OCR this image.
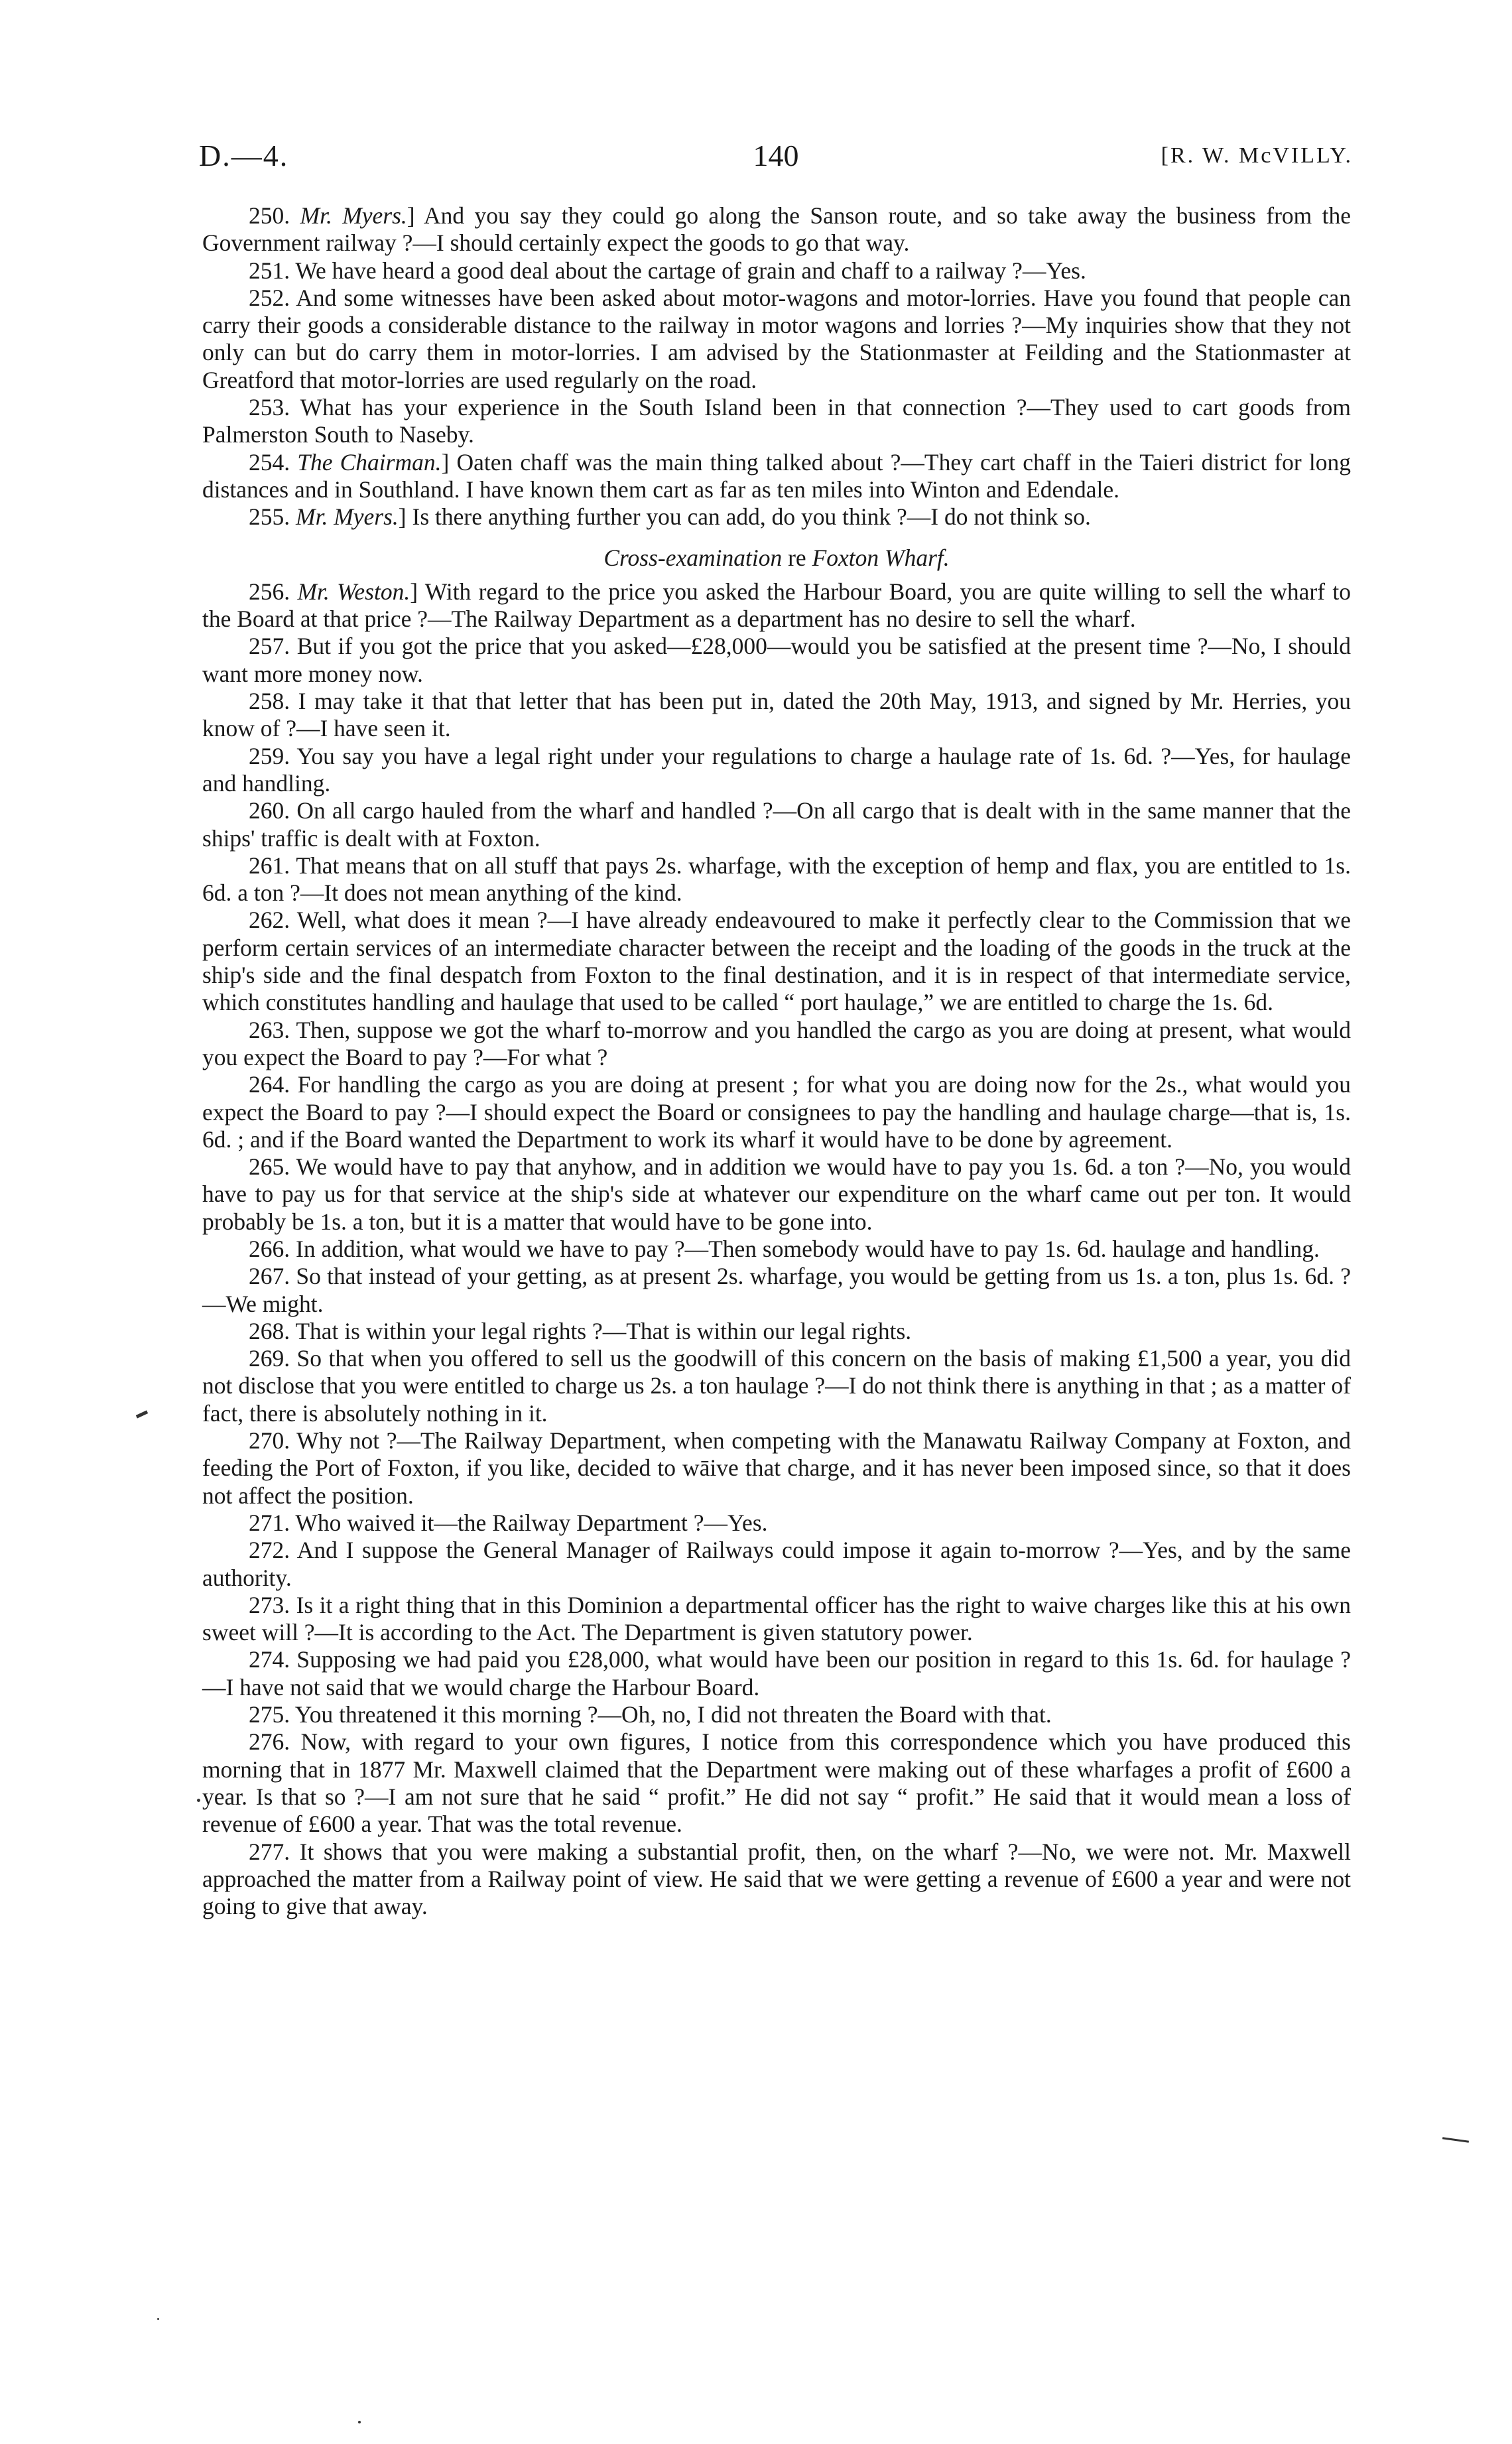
D.—4.	140	[R. W. McVILLY.

250. Mr. Myers.] And you say they could go along the Sanson route, and so take away the business from the Government railway ?—I should certainly expect the goods to go that way.

251. We have heard a good deal about the cartage of grain and chaff to a railway ?—Yes.

252. And some witnesses have been asked about motor-wagons and motor-lorries. Have you found that people can carry their goods a considerable distance to the railway in motor wagons and lorries ?—My inquiries show that they not only can but do carry them in motor-lorries. I am advised by the Stationmaster at Feilding and the Stationmaster at Greatford that motor-lorries are used regularly on the road.

253. What has your experience in the South Island been in that connection ?—They used to cart goods from Palmerston South to Naseby.

254. The Chairman.] Oaten chaff was the main thing talked about ?—They cart chaff in the Taieri district for long distances and in Southland. I have known them cart as far as ten miles into Winton and Edendale.

255. Mr. Myers.] Is there anything further you can add, do you think ?—I do not think so.

Cross-examination re Foxton Wharf.

256. Mr. Weston.] With regard to the price you asked the Harbour Board, you are quite willing to sell the wharf to the Board at that price ?—The Railway Department as a department has no desire to sell the wharf.

257. But if you got the price that you asked—£28,000—would you be satisfied at the present time ?—No, I should want more money now.

258. I may take it that that letter that has been put in, dated the 20th May, 1913, and signed by Mr. Herries, you know of ?—I have seen it.

259. You say you have a legal right under your regulations to charge a haulage rate of 1s. 6d. ?—Yes, for haulage and handling.

260. On all cargo hauled from the wharf and handled ?—On all cargo that is dealt with in the same manner that the ships' traffic is dealt with at Foxton.

261. That means that on all stuff that pays 2s. wharfage, with the exception of hemp and flax, you are entitled to 1s. 6d. a ton ?—It does not mean anything of the kind.

262. Well, what does it mean ?—I have already endeavoured to make it perfectly clear to the Commission that we perform certain services of an intermediate character between the receipt and the loading of the goods in the truck at the ship's side and the final despatch from Foxton to the final destination, and it is in respect of that intermediate service, which constitutes handling and haulage that used to be called “ port haulage,” we are entitled to charge the 1s. 6d.

263. Then, suppose we got the wharf to-morrow and you handled the cargo as you are doing at present, what would you expect the Board to pay ?—For what ?

264. For handling the cargo as you are doing at present ; for what you are doing now for the 2s., what would you expect the Board to pay ?—I should expect the Board or consignees to pay the handling and haulage charge—that is, 1s. 6d. ; and if the Board wanted the Department to work its wharf it would have to be done by agreement.

265. We would have to pay that anyhow, and in addition we would have to pay you 1s. 6d. a ton ?—No, you would have to pay us for that service at the ship's side at whatever our expenditure on the wharf came out per ton. It would probably be 1s. a ton, but it is a matter that would have to be gone into.

266. In addition, what would we have to pay ?—Then somebody would have to pay 1s. 6d. haulage and handling.

267. So that instead of your getting, as at present 2s. wharfage, you would be getting from us 1s. a ton, plus 1s. 6d. ?—We might.

268. That is within your legal rights ?—That is within our legal rights.

269. So that when you offered to sell us the goodwill of this concern on the basis of making £1,500 a year, you did not disclose that you were entitled to charge us 2s. a ton haulage ?—I do not think there is anything in that ; as a matter of fact, there is absolutely nothing in it.

270. Why not ?—The Railway Department, when competing with the Manawatu Railway Company at Foxton, and feeding the Port of Foxton, if you like, decided to wāive that charge, and it has never been imposed since, so that it does not affect the position.

271. Who waived it—the Railway Department ?—Yes.

272. And I suppose the General Manager of Railways could impose it again to-morrow ?—Yes, and by the same authority.

273. Is it a right thing that in this Dominion a departmental officer has the right to waive charges like this at his own sweet will ?—It is according to the Act. The Department is given statutory power.

274. Supposing we had paid you £28,000, what would have been our position in regard to this 1s. 6d. for haulage ?—I have not said that we would charge the Harbour Board.

275. You threatened it this morning ?—Oh, no, I did not threaten the Board with that.

276. Now, with regard to your own figures, I notice from this correspondence which you have produced this morning that in 1877 Mr. Maxwell claimed that the Department were making out of these wharfages a profit of £600 a year. Is that so ?—I am not sure that he said “ profit.” He did not say “ profit.” He said that it would mean a loss of revenue of £600 a year. That was the total revenue.

277. It shows that you were making a substantial profit, then, on the wharf ?—No, we were not. Mr. Maxwell approached the matter from a Railway point of view. He said that we were getting a revenue of £600 a year and were not going to give that away.
